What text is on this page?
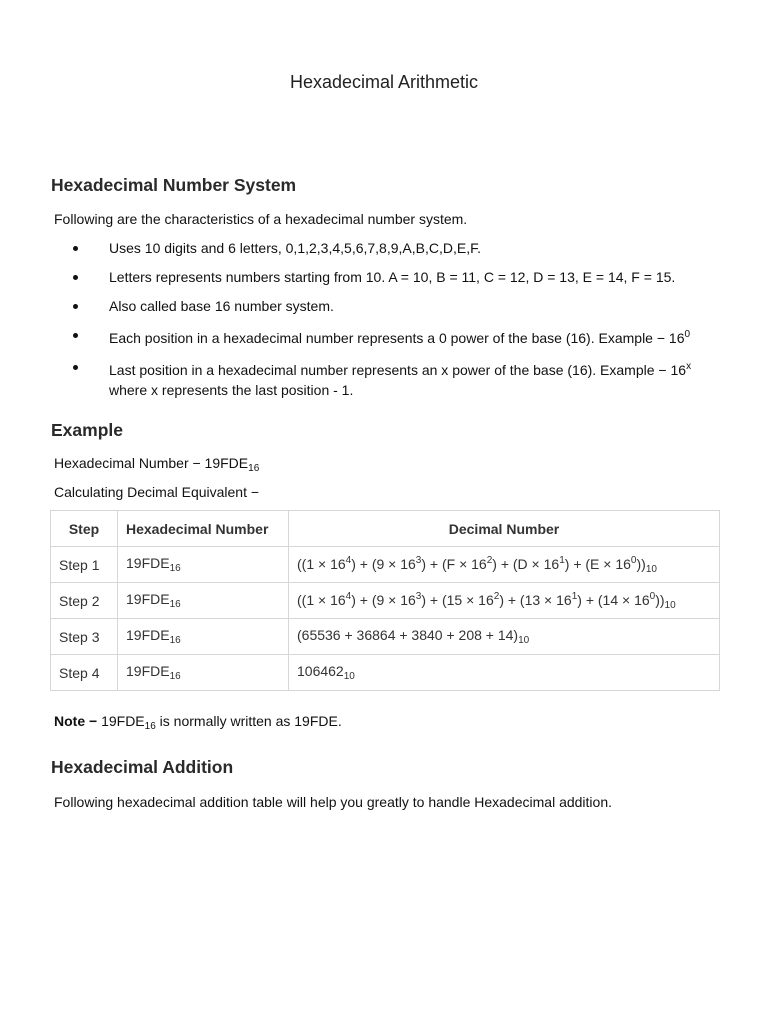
Hexadecimal Arithmetic
Hexadecimal Number System

Following are the characteristics of a hexadecimal number system.

Uses 10 digits and 6 letters, 0,1,2,3,4,5,6,7,8,9,A,B,C,D,E,F.
Letters represents numbers starting from 10. A = 10, B = 11, C = 12, D = 13, E = 14, F = 15.
Also called base 16 number system.
Each position in a hexadecimal number represents a 0 power of the base (16). Example − $16^0$
Last position in a hexadecimal number represents an x power of the base (16). Example − $16^x$
where x represents the last position - 1.
Example

Hexadecimal Number − $19FDE_{16}$

Calculating Decimal Equivalent −

Step	Hexadecimal Number	Decimal Number
Step 1	$19FDE_{16}$	$((1 \times 16^4) + (9 \times 16^3) + (F \times 16^2) + (D \times 16^1) + (E \times 16^0))_{10}$
Step 2	$19FDE_{16}$	$((1 \times 16^4) + (9 \times 16^3) + (15 \times 16^2) + (13 \times 16^1) + (14 \times 16^0))_{10}$
Step 3	$19FDE_{16}$	$(65536 + 36864 + 3840 + 208 + 14)_{10}$
Step 4	$19FDE_{16}$	$106462_{10}$

Note − $19FDE_{16}$ is normally written as 19FDE.

Hexadecimal Addition

Following hexadecimal addition table will help you greatly to handle Hexadecimal addition.
